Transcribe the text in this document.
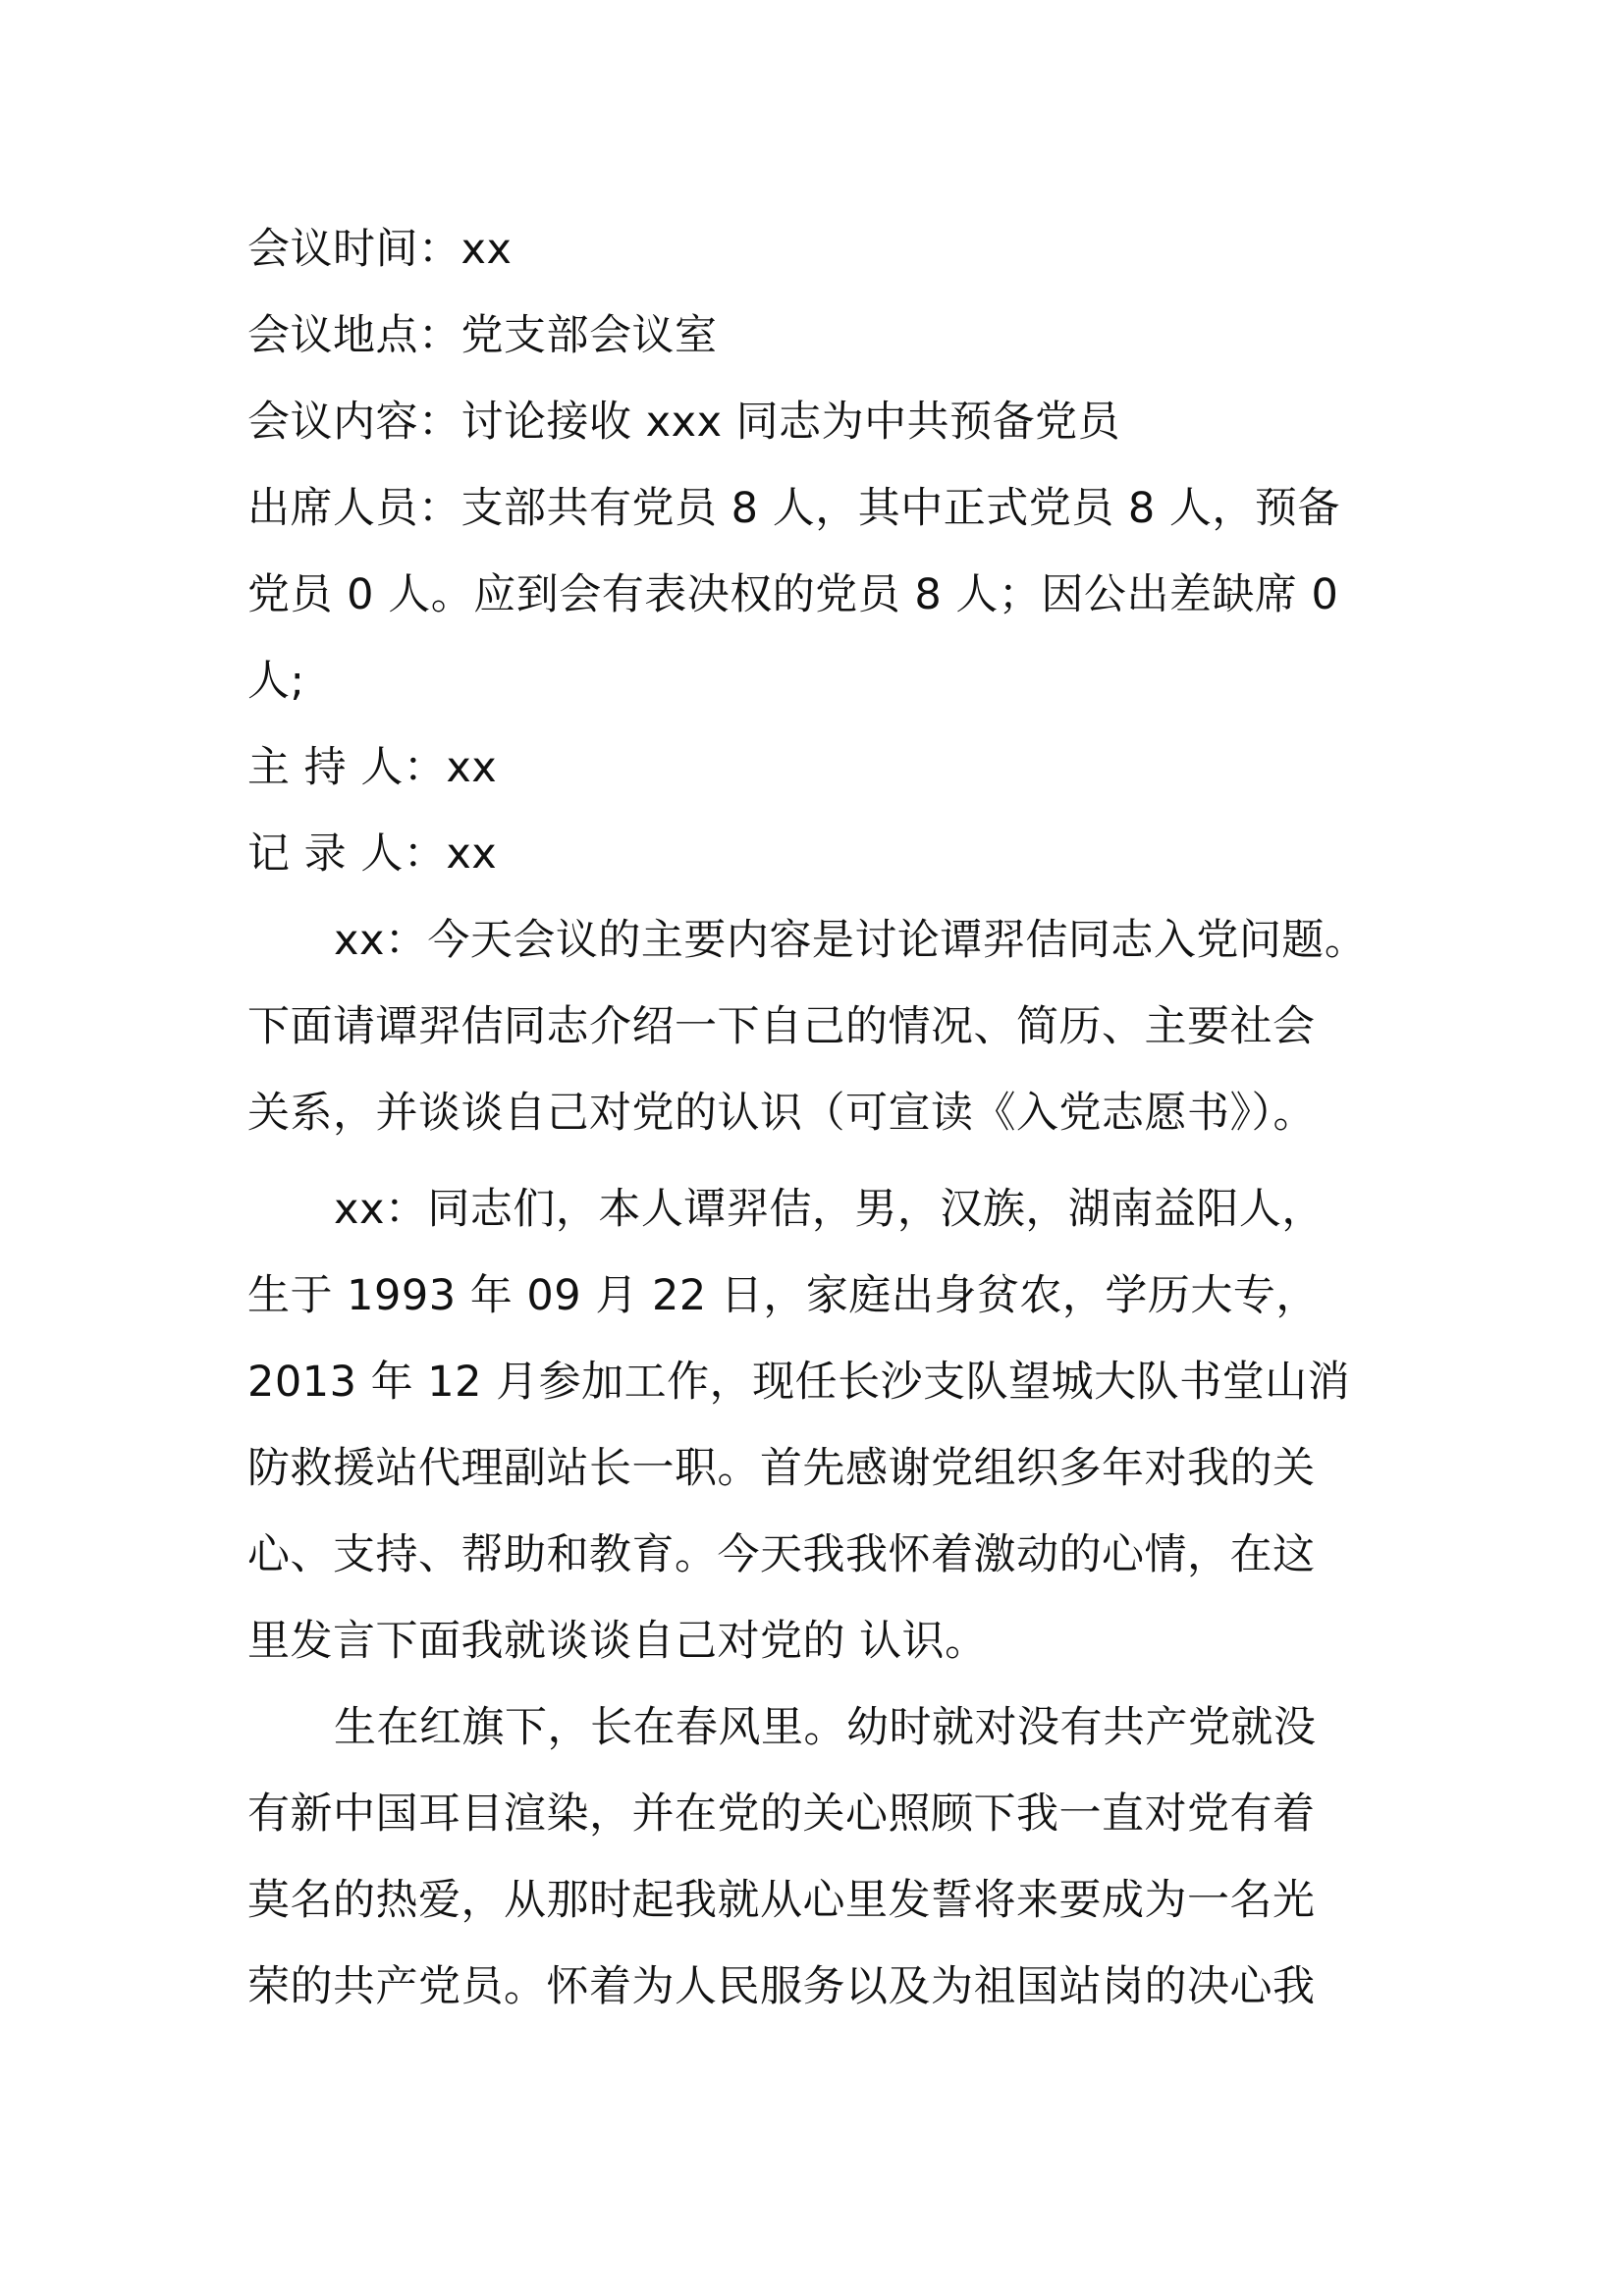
会议时间：xx
会议地点：党支部会议室
会议内容：讨论接收 xxx 同志为中共预备党员
出席人员：支部共有党员 8 人，其中正式党员 8 人，预备
党员 0 人。应到会有表决权的党员 8 人；因公出差缺席 0
人;
主 持 人：xx
记 录 人：xx
xx：今天会议的主要内容是讨论谭羿佶同志入党问题。
下面请谭羿佶同志介绍一下自己的情况、简历、主要社会
关系，并谈谈自己对党的认识（可宣读《入党志愿书》）。
xx：同志们，本人谭羿佶，男，汉族，湖南益阳人，
生于 1993 年 09 月 22 日，家庭出身贫农，学历大专，
2013 年 12 月参加工作，现任长沙支队望城大队书堂山消
防救援站代理副站长一职。首先感谢党组织多年对我的关
心、支持、帮助和教育。今天我我怀着激动的心情，在这
里发言下面我就谈谈自己对党的 认识。
生在红旗下，长在春风里。幼时就对没有共产党就没
有新中国耳目渲染，并在党的关心照顾下我一直对党有着
莫名的热爱，从那时起我就从心里发誓将来要成为一名光
荣的共产党员。怀着为人民服务以及为祖国站岗的决心我
